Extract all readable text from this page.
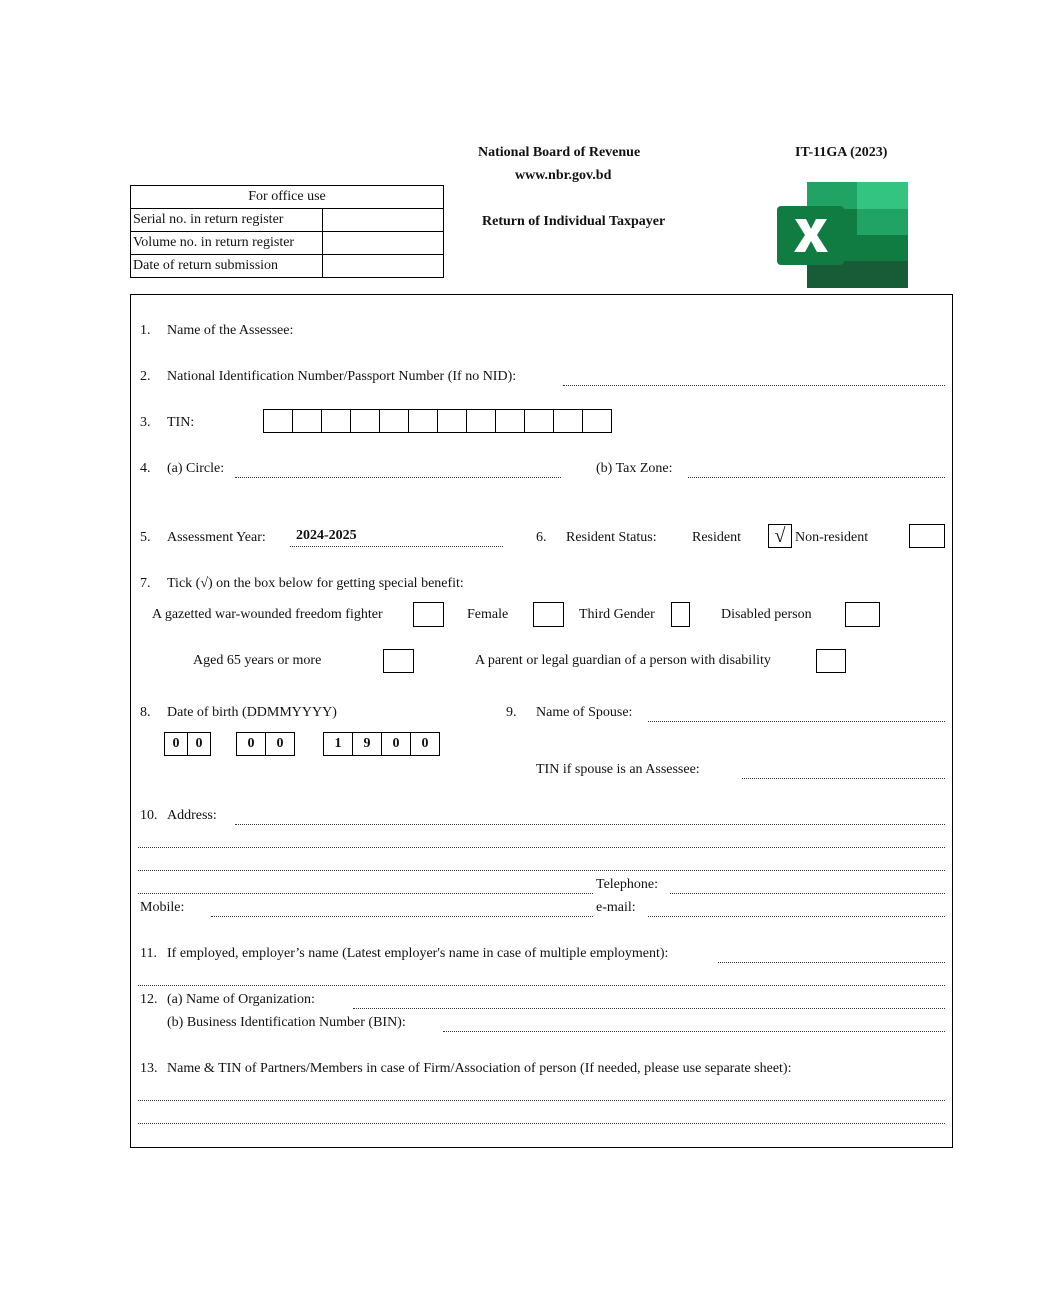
National Board of Revenue
www.nbr.gov.bd
IT-11GA (2023)
Return of Individual Taxpayer
For office use	
Serial no. in return register	
Volume no. in return register	
Date of return submission	
1. Name of the Assessee:
2. National Identification Number/Passport Number (If no NID):
3. TIN:
4. (a) Circle:	(b) Tax Zone:
5. Assessment Year: 2024-2025	6. Resident Status:	Resident	√ Non-resident
7. Tick (√) on the box below for getting special benefit:
A gazetted war-wounded freedom fighter	Female	Third Gender	Disabled person
Aged 65 years or more	A parent or legal guardian of a person with disability
8. Date of birth (DDMMYYYY)
0	0	0	0	1	9	0	0
9. Name of Spouse:
TIN if spouse is an Assessee:
10. Address:
Telephone:
Mobile:	e-mail:
11. If employed, employer’s name (Latest employer's name in case of multiple employment):
12. (a) Name of Organization:
(b) Business Identification Number (BIN):
13. Name & TIN of Partners/Members in case of Firm/Association of person (If needed, please use separate sheet):
